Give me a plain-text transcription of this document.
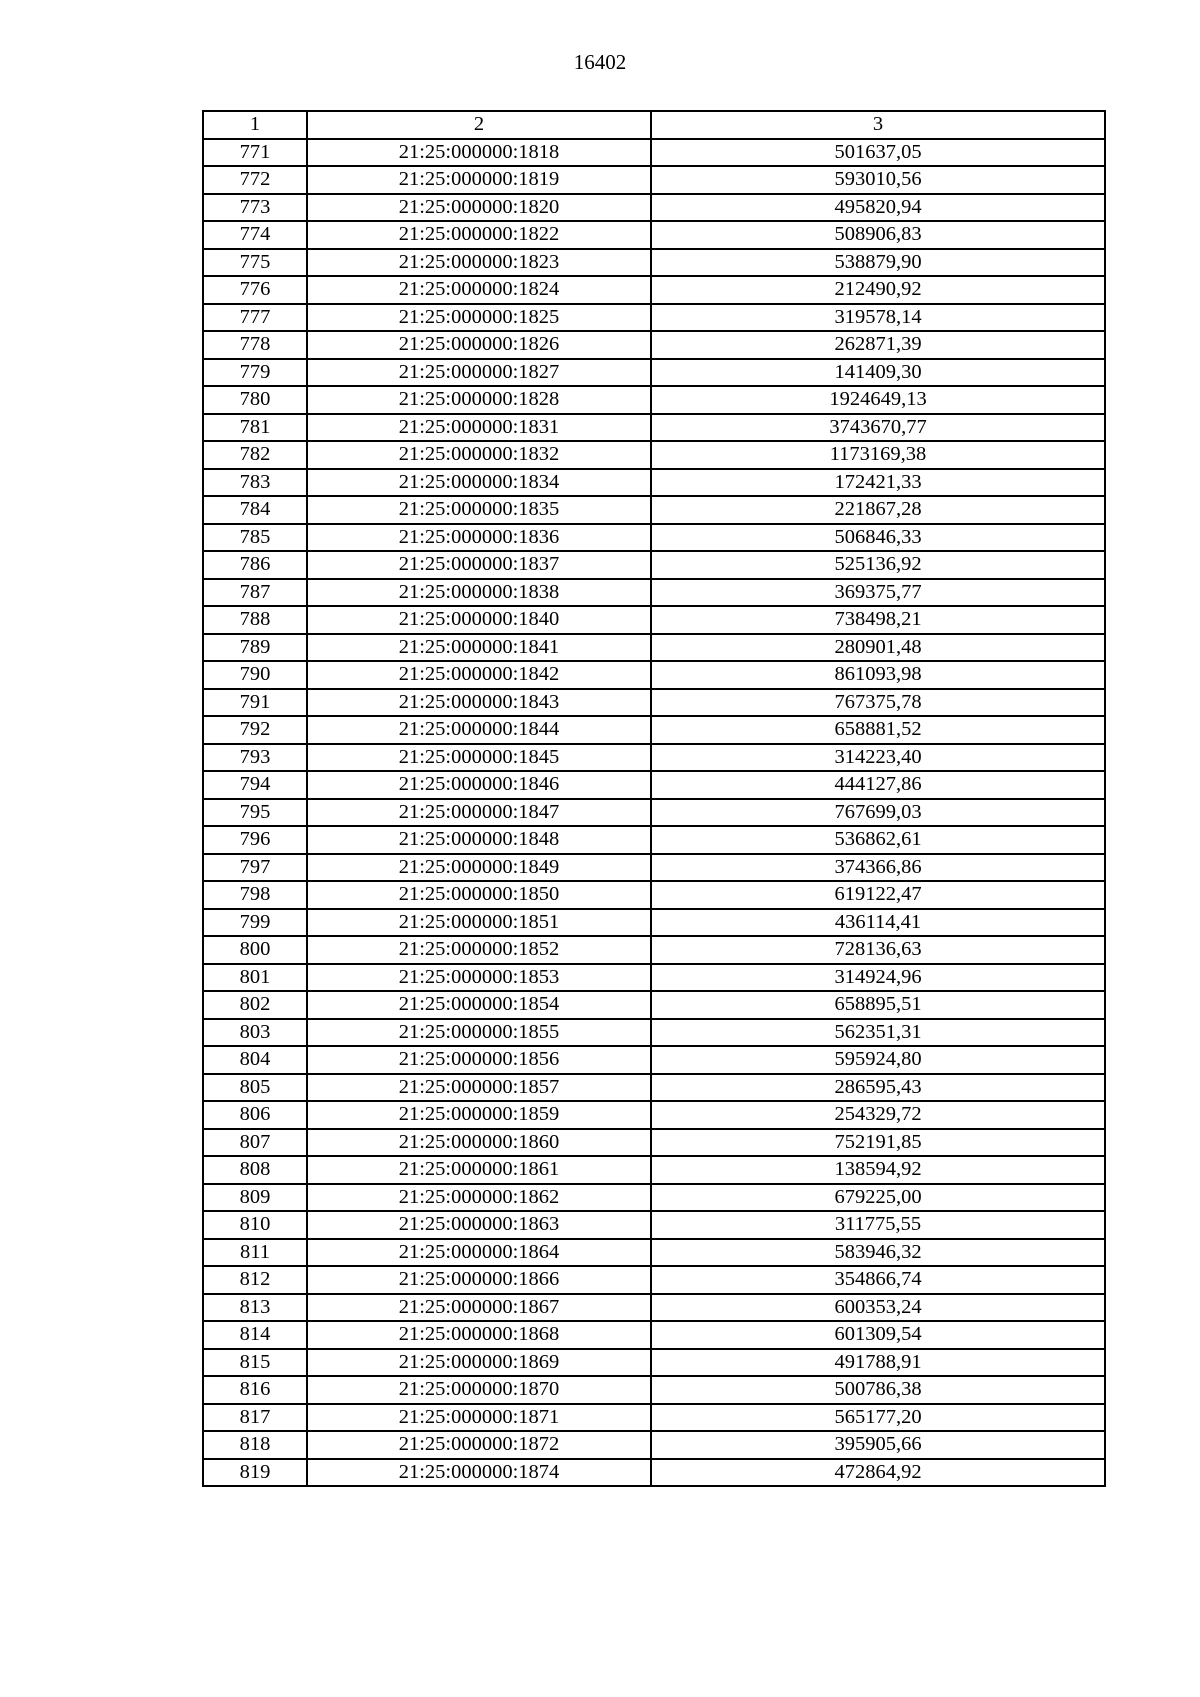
16402
1	2	3
771	21:25:000000:1818	501637,05
772	21:25:000000:1819	593010,56
773	21:25:000000:1820	495820,94
774	21:25:000000:1822	508906,83
775	21:25:000000:1823	538879,90
776	21:25:000000:1824	212490,92
777	21:25:000000:1825	319578,14
778	21:25:000000:1826	262871,39
779	21:25:000000:1827	141409,30
780	21:25:000000:1828	1924649,13
781	21:25:000000:1831	3743670,77
782	21:25:000000:1832	1173169,38
783	21:25:000000:1834	172421,33
784	21:25:000000:1835	221867,28
785	21:25:000000:1836	506846,33
786	21:25:000000:1837	525136,92
787	21:25:000000:1838	369375,77
788	21:25:000000:1840	738498,21
789	21:25:000000:1841	280901,48
790	21:25:000000:1842	861093,98
791	21:25:000000:1843	767375,78
792	21:25:000000:1844	658881,52
793	21:25:000000:1845	314223,40
794	21:25:000000:1846	444127,86
795	21:25:000000:1847	767699,03
796	21:25:000000:1848	536862,61
797	21:25:000000:1849	374366,86
798	21:25:000000:1850	619122,47
799	21:25:000000:1851	436114,41
800	21:25:000000:1852	728136,63
801	21:25:000000:1853	314924,96
802	21:25:000000:1854	658895,51
803	21:25:000000:1855	562351,31
804	21:25:000000:1856	595924,80
805	21:25:000000:1857	286595,43
806	21:25:000000:1859	254329,72
807	21:25:000000:1860	752191,85
808	21:25:000000:1861	138594,92
809	21:25:000000:1862	679225,00
810	21:25:000000:1863	311775,55
811	21:25:000000:1864	583946,32
812	21:25:000000:1866	354866,74
813	21:25:000000:1867	600353,24
814	21:25:000000:1868	601309,54
815	21:25:000000:1869	491788,91
816	21:25:000000:1870	500786,38
817	21:25:000000:1871	565177,20
818	21:25:000000:1872	395905,66
819	21:25:000000:1874	472864,92
